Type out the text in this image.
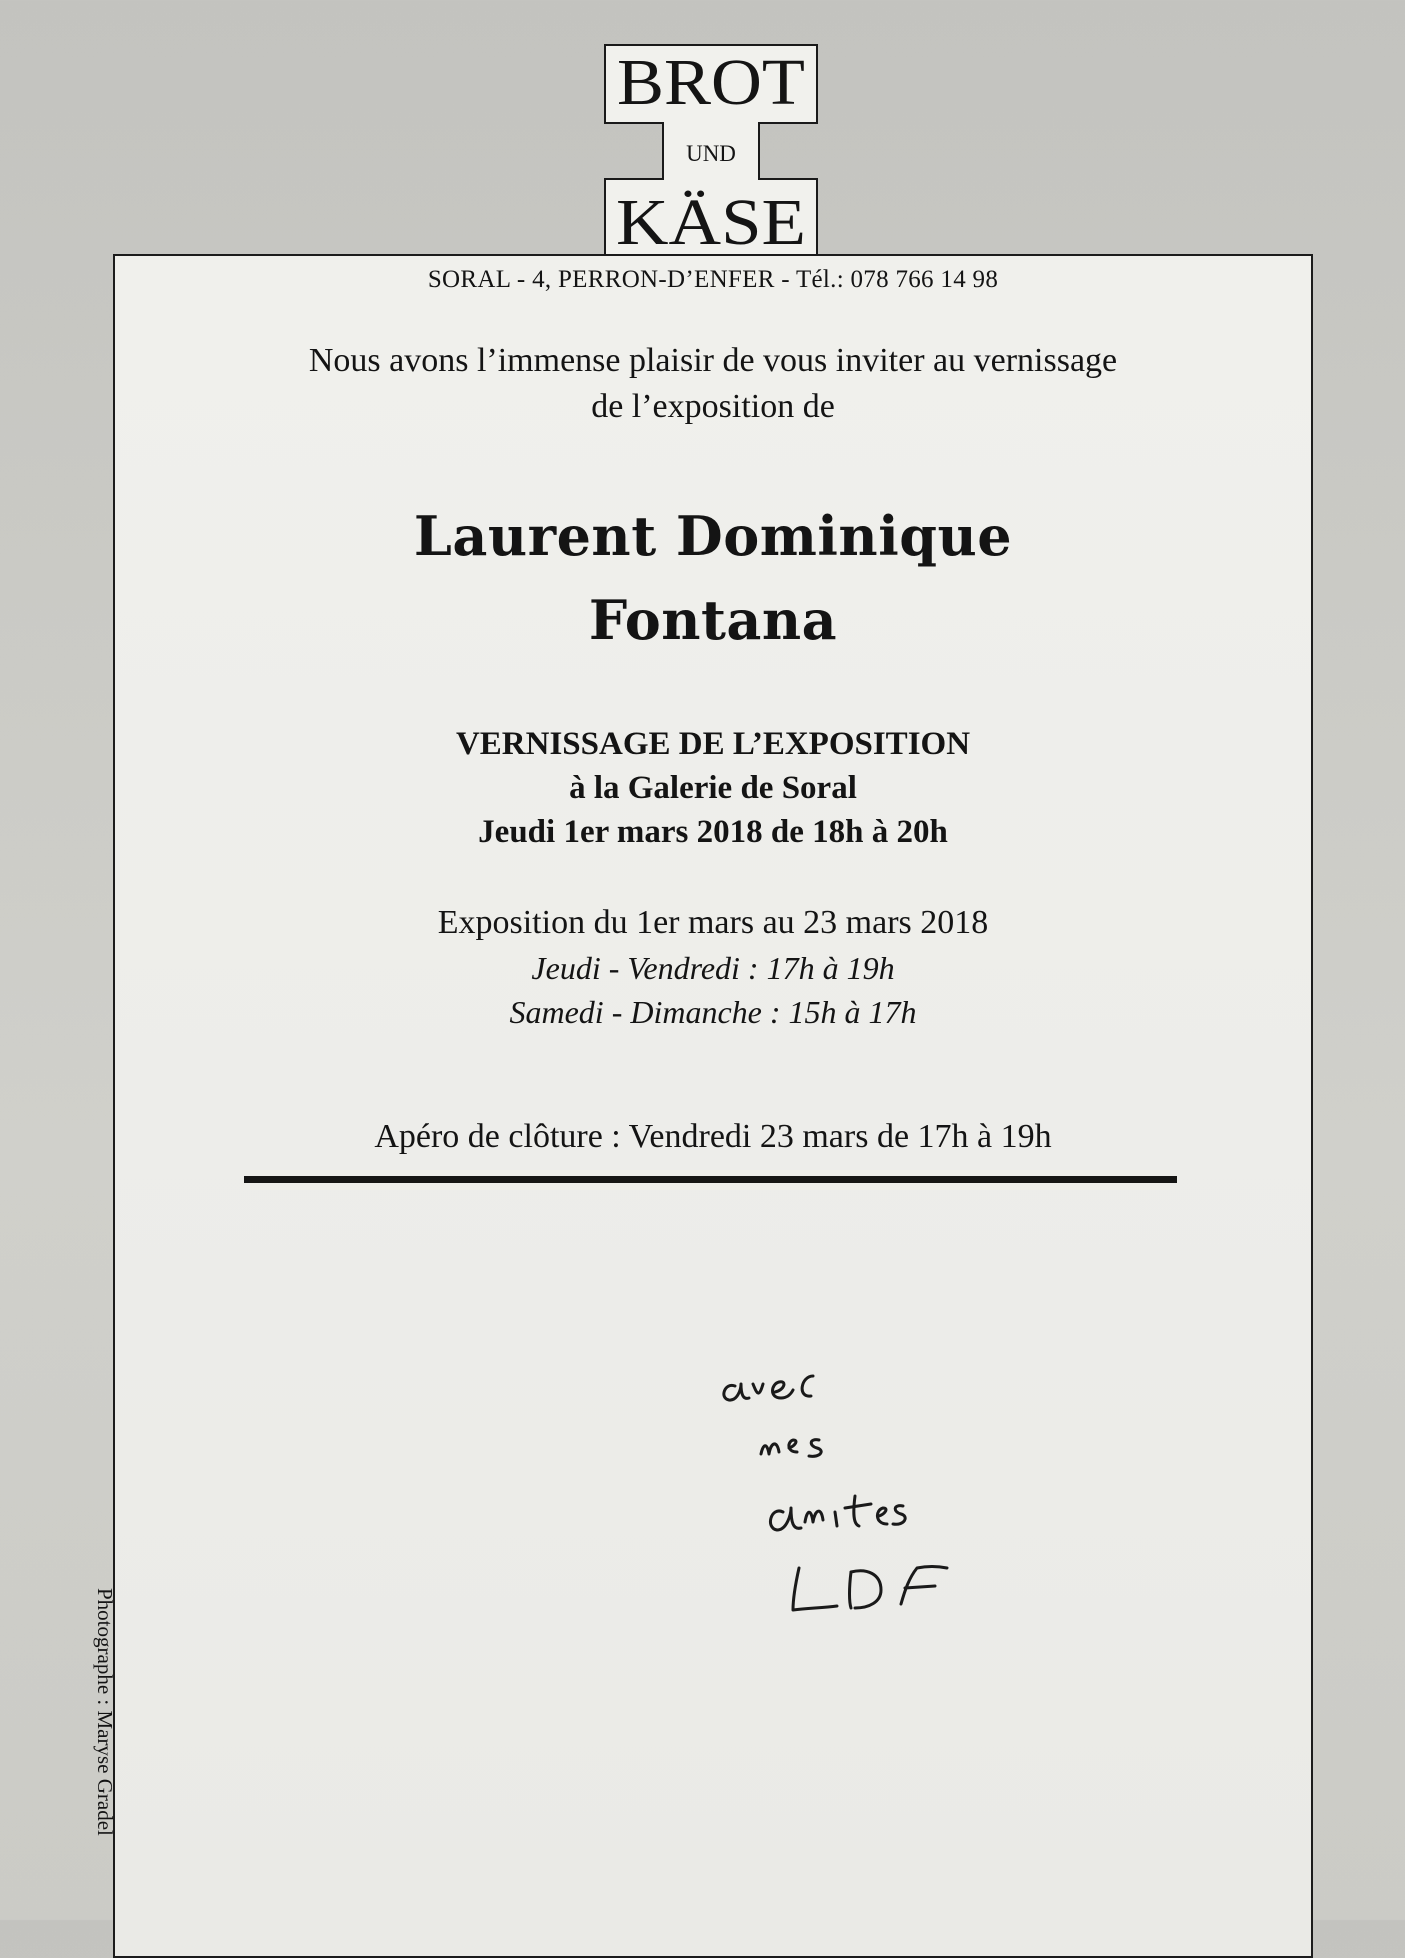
SORAL - 4, PERRON-D’ENFER - Tél.: 078 766 14 98
Nous avons l’immense plaisir de vous inviter au vernissage
de l’exposition de
Laurent Dominique
Fontana
VERNISSAGE DE L’EXPOSITION
à la Galerie de Soral
Jeudi 1er mars 2018 de 18h à 20h
Exposition du 1er mars au 23 mars 2018
Jeudi - Vendredi : 17h à 19h
Samedi - Dimanche : 15h à 17h
Apéro de clôture : Vendredi 23 mars de 17h à 19h
BROT
UND
KÄSE
Photographe : Maryse Gradel
